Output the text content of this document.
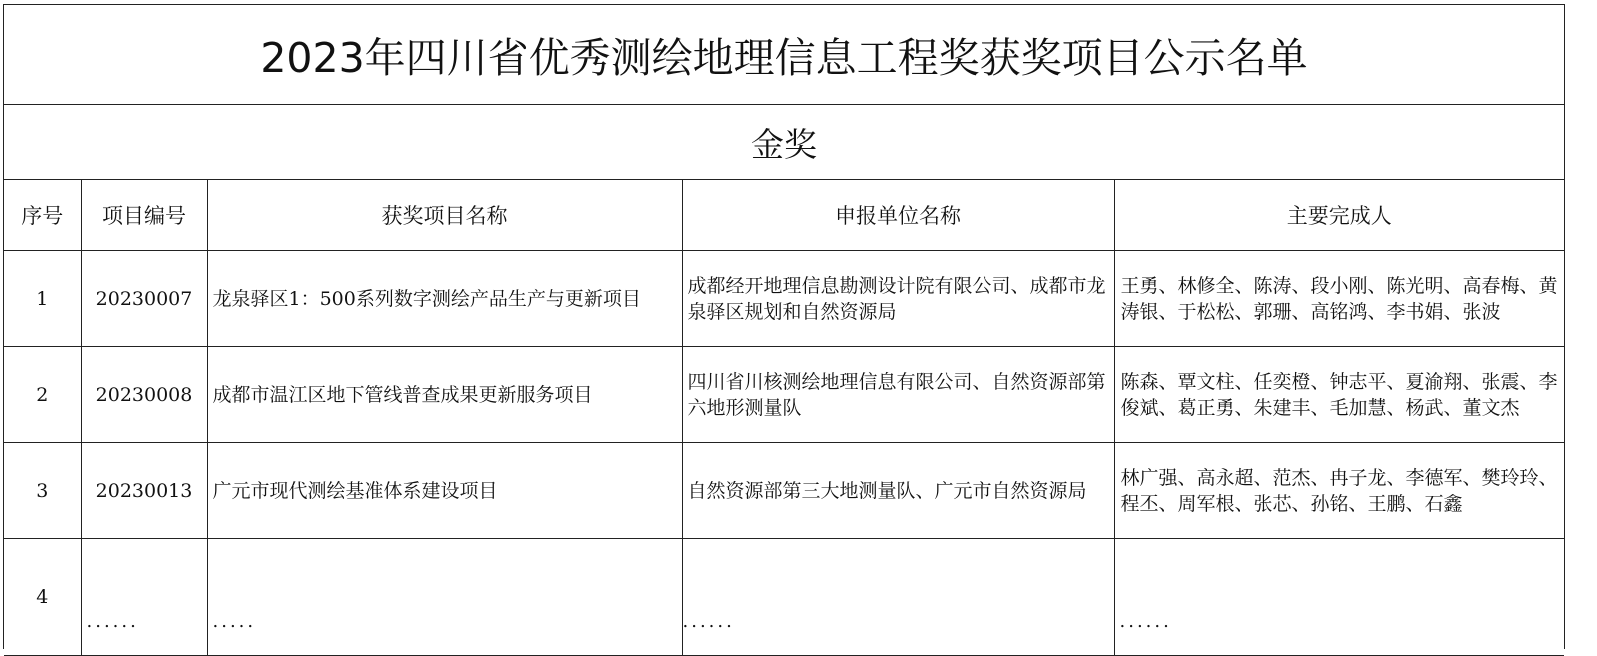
2023年四川省优秀测绘地理信息工程奖获奖项目公示名单
金奖
序号	项目编号	获奖项目名称	申报单位名称	主要完成人
1	20230007	龙泉驿区1：500系列数字测绘产品生产与更新项目	成都经开地理信息勘测设计院有限公司、成都市龙泉驿区规划和自然资源局	王勇、林修全、陈涛、段小刚、陈光明、高春梅、黄涛银、于松松、郭珊、高铭鸿、李书娟、张波
2	20230008	成都市温江区地下管线普查成果更新服务项目	四川省川核测绘地理信息有限公司、自然资源部第六地形测量队	陈森、覃文柱、任奕橙、钟志平、夏渝翔、张震、李俊斌、葛正勇、朱建丰、毛加慧、杨武、董文杰
3	20230013	广元市现代测绘基准体系建设项目	自然资源部第三大地测量队、广元市自然资源局	林广强、高永超、范杰、冉子龙、李德军、樊玲玲、程丕、周军根、张芯、孙铭、王鹏、石鑫
4	......	.....	......	......
